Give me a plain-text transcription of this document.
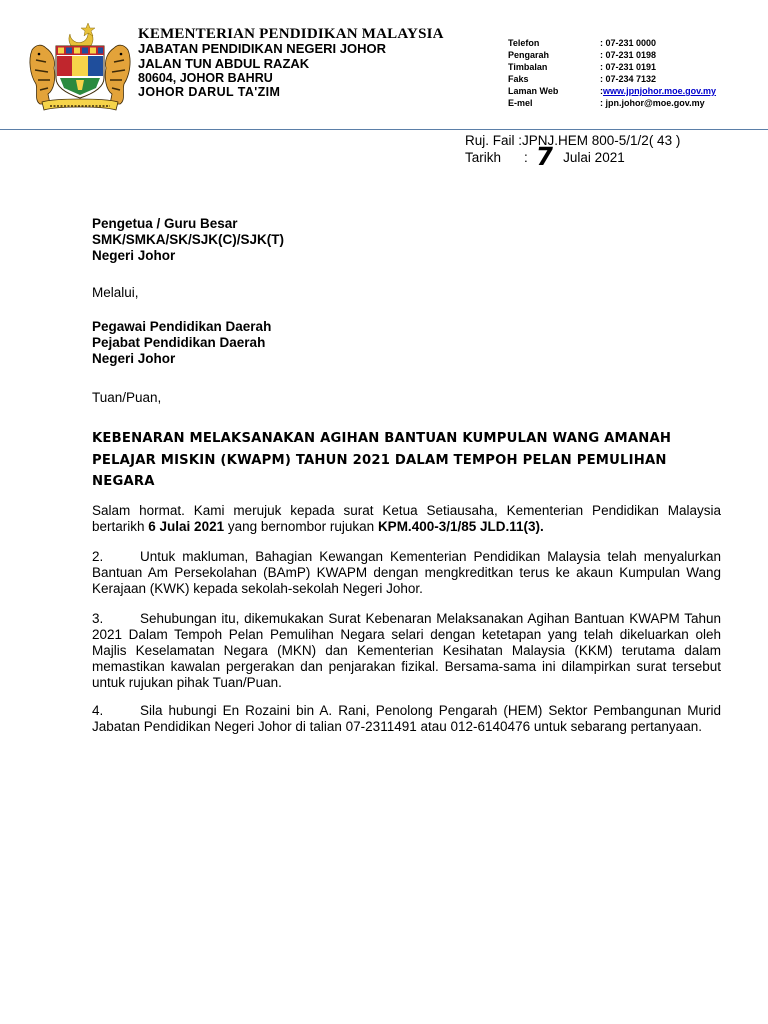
KEMENTERIAN PENDIDIKAN MALAYSIA
JABATAN PENDIDIKAN NEGERI JOHOR
JALAN TUN ABDUL RAZAK
80604, JOHOR BAHRU
JOHOR DARUL TA'ZIM
Telefon	: 07-231 0000
Pengarah	: 07-231 0198
Timbalan	: 07-231 0191
Faks	: 07-234 7132
Laman Web	: www.jpnjohor.moe.gov.my
E-mel	: jpn.johor@moe.gov.my
Ruj. Fail :JPNJ.HEM 800-5/1/2( 43 )
Tarikh : 7 Julai 2021
Pengetua / Guru Besar
SMK/SMKA/SK/SJK(C)/SJK(T)
Negeri Johor
Melalui,
Pegawai Pendidikan Daerah
Pejabat Pendidikan Daerah
Negeri Johor
Tuan/Puan,
KEBENARAN MELAKSANAKAN AGIHAN BANTUAN KUMPULAN WANG AMANAH PELAJAR MISKIN (KWAPM) TAHUN 2021 DALAM TEMPOH PELAN PEMULIHAN NEGARA
Salam hormat. Kami merujuk kepada surat Ketua Setiausaha, Kementerian Pendidikan Malaysia bertarikh 6 Julai 2021 yang bernombor rujukan KPM.400-3/1/85 JLD.11(3).
2.	Untuk makluman, Bahagian Kewangan Kementerian Pendidikan Malaysia telah menyalurkan Bantuan Am Persekolahan (BAmP) KWAPM dengan mengkreditkan terus ke akaun Kumpulan Wang Kerajaan (KWK) kepada sekolah-sekolah Negeri Johor.
3.	Sehubungan itu, dikemukakan Surat Kebenaran Melaksanakan Agihan Bantuan KWAPM Tahun 2021 Dalam Tempoh Pelan Pemulihan Negara selari dengan ketetapan yang telah dikeluarkan oleh Majlis Keselamatan Negara (MKN) dan Kementerian Kesihatan Malaysia (KKM) terutama dalam memastikan kawalan pergerakan dan penjarakan fizikal. Bersama-sama ini dilampirkan surat tersebut untuk rujukan pihak Tuan/Puan.
4.	Sila hubungi En Rozaini bin A. Rani, Penolong Pengarah (HEM) Sektor Pembangunan Murid Jabatan Pendidikan Negeri Johor di talian 07-2311491 atau 012-6140476 untuk sebarang pertanyaan.
